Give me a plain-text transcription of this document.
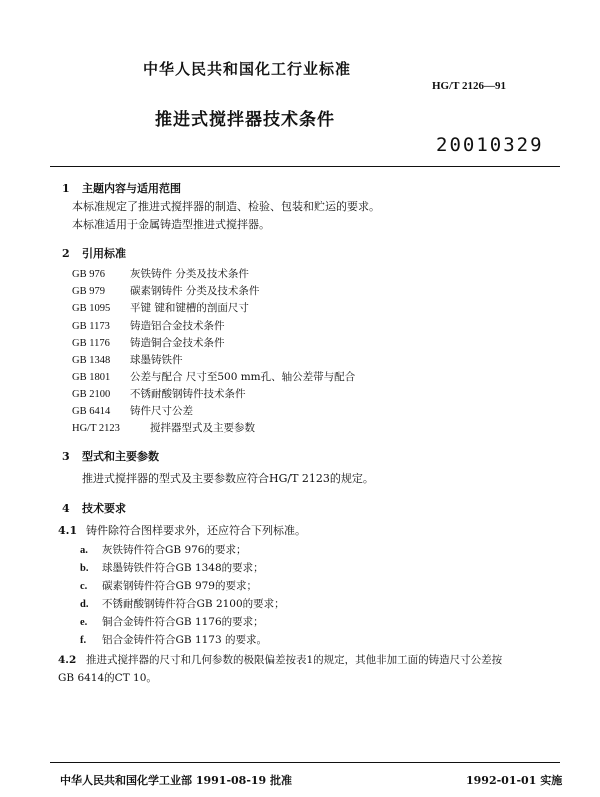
中华人民共和国化工行业标准
HG/T 2126—91
推进式搅拌器技术条件
20010329
1 主题内容与适用范围
本标准规定了推进式搅拌器的制造、检验、包装和贮运的要求。
本标准适用于金属铸造型推进式搅拌器。
2 引用标准
GB 976 灰铁铸件 分类及技术条件
GB 979 碳素钢铸件 分类及技术条件
GB 1095 平键 键和键槽的剖面尺寸
GB 1173 铸造铝合金技术条件
GB 1176 铸造铜合金技术条件
GB 1348 球墨铸铁件
GB 1801 公差与配合 尺寸至500 mm孔、轴公差带与配合
GB 2100 不锈耐酸钢铸件技术条件
GB 6414 铸件尺寸公差
HG/T 2123	搅拌器型式及主要参数
3 型式和主要参数
推进式搅拌器的型式及主要参数应符合HG/T 2123的规定。
4 技术要求
4.1 铸件除符合图样要求外，还应符合下列标准。
a. 灰铁铸件符合GB 976的要求；
b. 球墨铸铁件符合GB 1348的要求；
c. 碳素钢铸件符合GB 979的要求；
d. 不锈耐酸钢铸件符合GB 2100的要求；
e. 铜合金铸件符合GB 1176的要求；
f. 铝合金铸件符合GB 1173 的要求。
4.2 推进式搅拌器的尺寸和几何参数的极限偏差按表1的规定，其他非加工面的铸造尺寸公差按
GB 6414的CT 10。
中华人民共和国化学工业部 1991-08-19 批准	1992-01-01 实施
